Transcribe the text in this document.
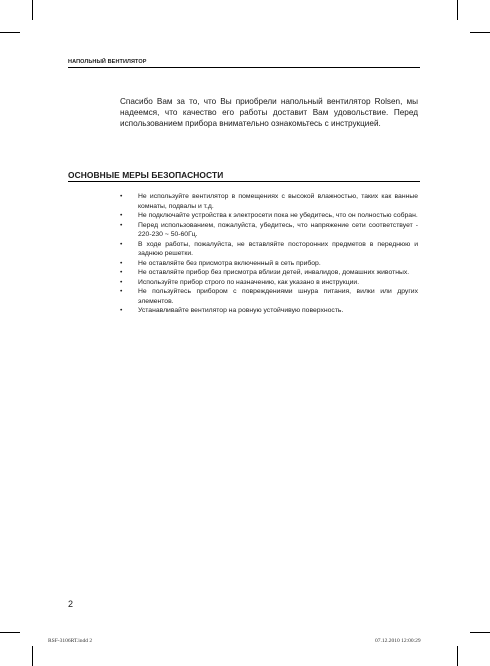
НАПОЛЬНЫЙ ВЕНТИЛЯТОР

Спасибо Вам за то, что Вы приобрели напольный вентилятор Rolsen, мы надеемся, что качество его работы доставит Вам удовольствие. Перед использованием прибора внимательно ознакомьтесь с инструкцией.

ОСНОВНЫЕ МЕРЫ БЕЗОПАСНОСТИ
• Не используйте вентилятор в помещениях с высокой влажностью, таких как ванные комнаты, подвалы и т.д.
• Не подключайте устройства к электросети пока не убедитесь, что он полностью собран.
• Перед использованием, пожалуйста, убедитесь, что напряжение сети соответствует - 220-230 ~ 50-60Гц.
• В ходе работы, пожалуйста, не вставляйте посторонних предметов в переднюю и заднюю решетки.
• Не оставляйте без присмотра включенный в сеть прибор.
• Не оставляйте прибор без присмотра вблизи детей, инвалидов, домашних животных.
• Используйте прибор строго по назначению, как указано в инструкции.
• Не пользуйтесь прибором с повреждениями шнура питания, вилки или других элементов.
• Устанавливайте вентилятор на ровную устойчивую поверхность.
2
RSF-3106RT.indd 2	07.12.2010 12:00:29
